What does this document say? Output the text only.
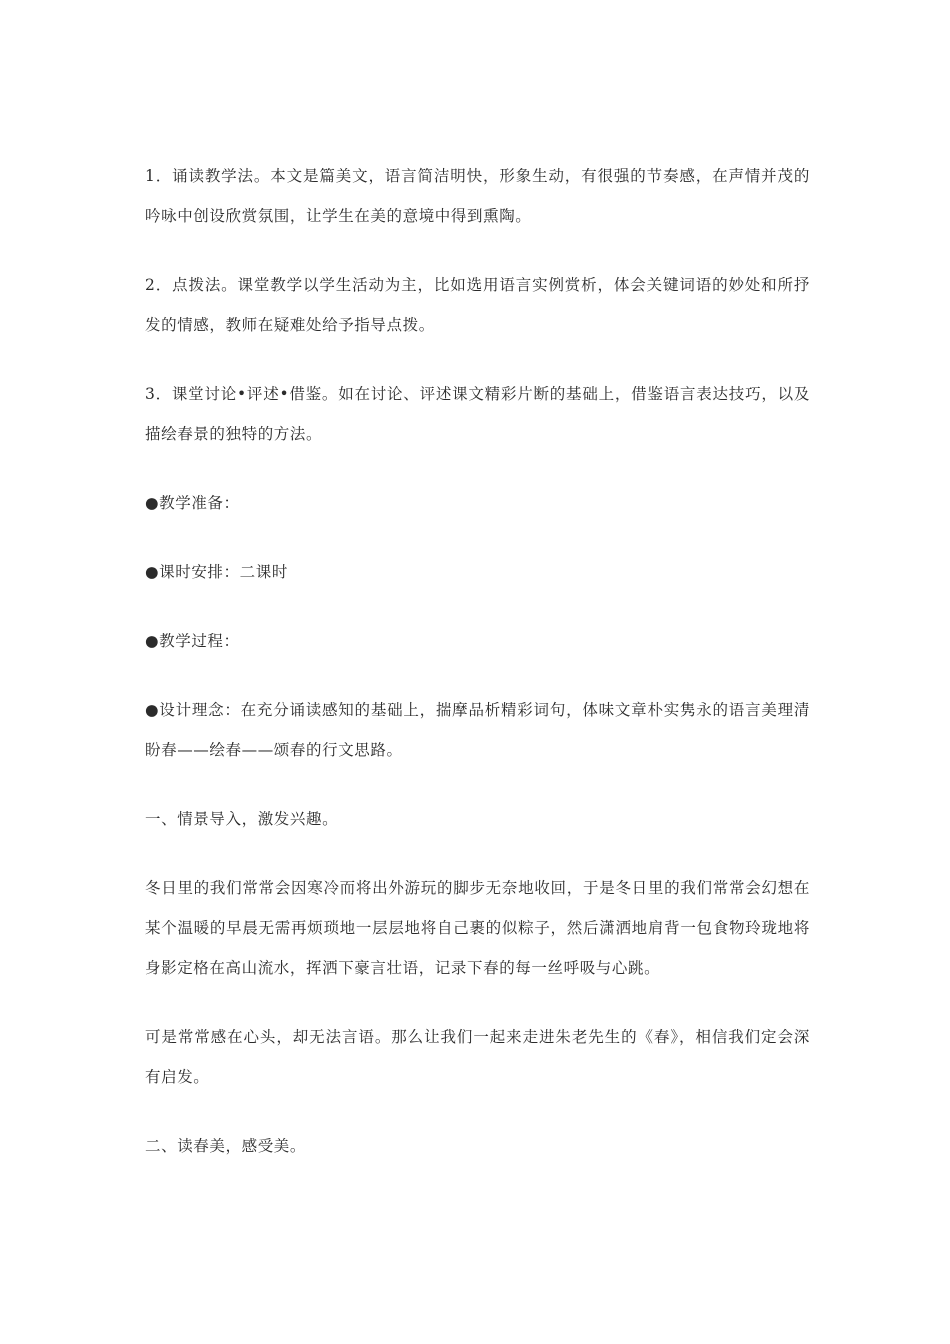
1．诵读教学法。本文是篇美文，语言简洁明快，形象生动，有很强的节奏感，在声情并茂的吟咏中创设欣赏氛围，让学生在美的意境中得到熏陶。

2．点拨法。课堂教学以学生活动为主，比如选用语言实例赏析，体会关键词语的妙处和所抒发的情感，教师在疑难处给予指导点拨。

3．课堂讨论•评述•借鉴。如在讨论、评述课文精彩片断的基础上，借鉴语言表达技巧，以及描绘春景的独特的方法。

●教学准备：

●课时安排：二课时

●教学过程：

●设计理念：在充分诵读感知的基础上，揣摩品析精彩词句，体味文章朴实隽永的语言美理清盼春——绘春——颂春的行文思路。

一、情景导入，激发兴趣。

冬日里的我们常常会因寒冷而将出外游玩的脚步无奈地收回，于是冬日里的我们常常会幻想在某个温暖的早晨无需再烦琐地一层层地将自己裹的似粽子，然后潇洒地肩背一包食物玲珑地将身影定格在高山流水，挥洒下豪言壮语，记录下春的每一丝呼吸与心跳。

可是常常感在心头，却无法言语。那么让我们一起来走进朱老先生的《春》，相信我们定会深有启发。

二、读春美，感受美。
